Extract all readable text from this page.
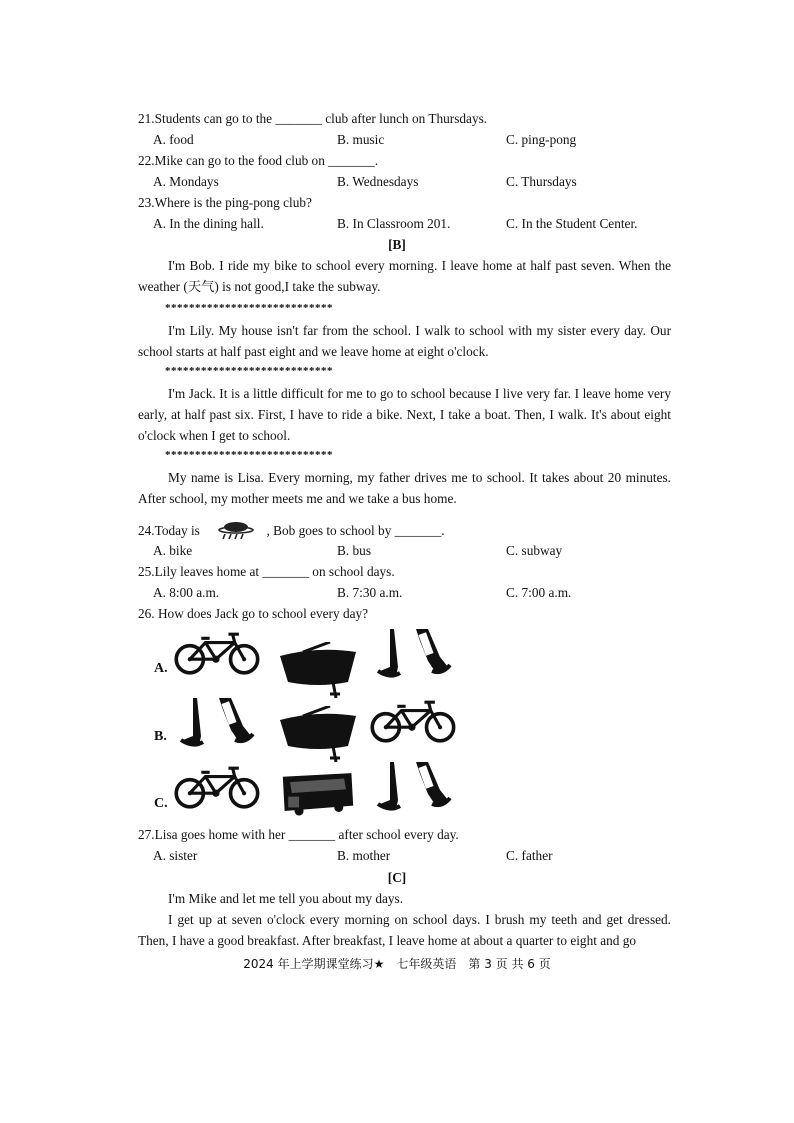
21.Students can go to the _______ club after lunch on Thursdays.
A. food	B. music	C. ping-pong
22.Mike can go to the food club on _______.
A. Mondays	B. Wednesdays	C. Thursdays
23.Where is the ping-pong club?
A. In the dining hall.	B. In Classroom 201.	C. In the Student Center.
[B]
I'm Bob. I ride my bike to school every morning. I leave home at half past seven. When the weather (天气) is not good,I take the subway.
****************************
I'm Lily. My house isn't far from the school. I walk to school with my sister every day. Our school starts at half past eight and we leave home at eight o'clock.
****************************
I'm Jack. It is a little difficult for me to go to school because I live very far. I leave home very early, at half past six. First, I have to ride a bike. Next, I take a boat. Then, I walk. It's about eight o'clock when I get to school.
****************************
My name is Lisa. Every morning, my father drives me to school. It takes about 20 minutes. After school, my mother meets me and we take a bus home.
24.Today is	, Bob goes to school by _______.
A. bike	B. bus	C. subway
25.Lily leaves home at _______ on school days.
A. 8:00 a.m.	B. 7:30 a.m.	C. 7:00 a.m.
26. How does Jack go to school every day?
A.
B.
C.
27.Lisa goes home with her _______ after school every day.
A. sister	B. mother	C. father
[C]
I'm Mike and let me tell you about my days.
I get up at seven o'clock every morning on school days. I brush my teeth and get dressed. Then, I have a good breakfast. After breakfast, I leave home at about a quarter to eight and go
2024 年上学期课堂练习★　七年级英语　第 3 页 共 6 页
